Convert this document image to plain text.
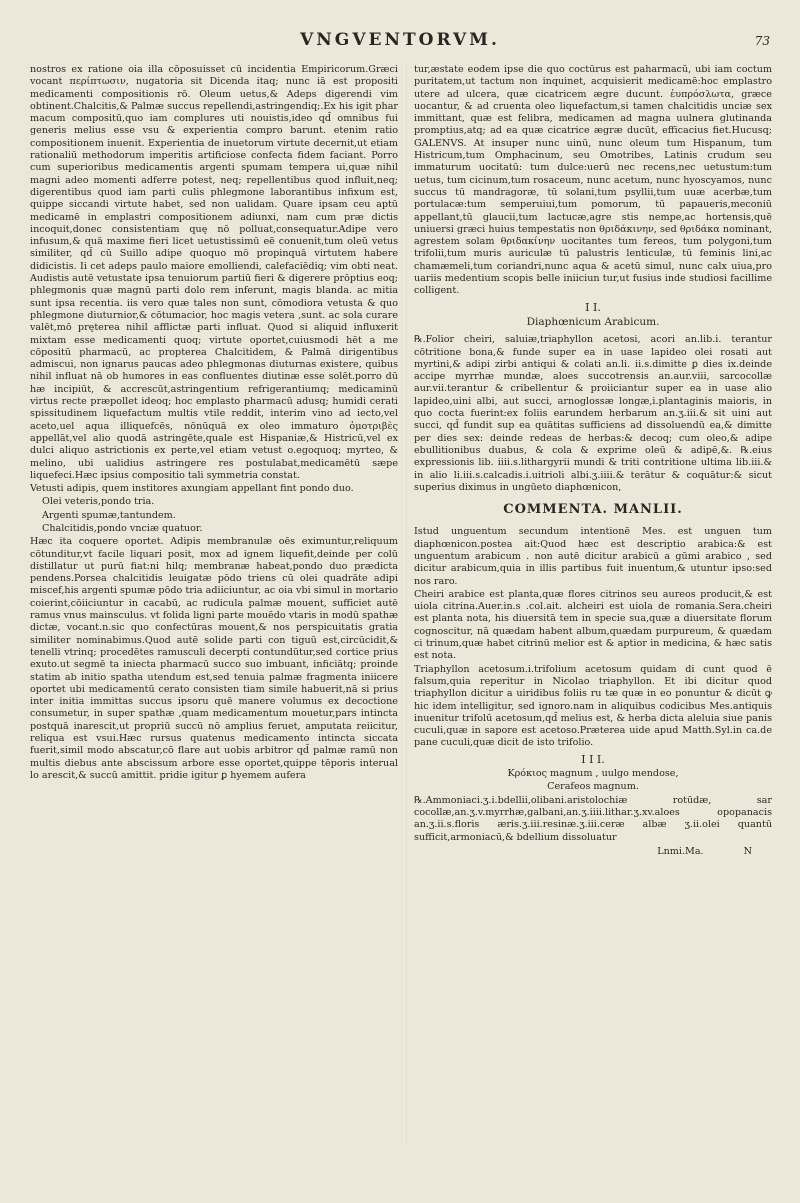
VNGVENTORVM.	73

nostros ex ratione oia illa cōposuisset cū incidentia Empiricorum.Græci vocant περίπτωσιν, nugatoria sit Dicenda itaq; nunc iā est propositi medicamenti compositionis rō. Oleum uetus,& Adeps digerendi vim obtinent.Chalcitis,& Palmæ succus repellendi,astringendiq;.Ex his igit phar macum compositū,quo iam complures uti nouistis,ideo qd̄ omnibus fui generis melius esse vsu & experientia compro barunt. etenim ratio compositionem inuenit. Experientia de inuetorum virtute decernit,ut etiam rationaliū methodorum imperitis artificiose confecta fidem faciant. Porro cum superioribus medicamentis argenti spumam tempera ui,quæ nihil magni adeo momenti adferre potest, neq; repellentibus quod influit,neq; digerentibus quod iam parti culis phlegmone laborantibus infixum est, quippe siccandi virtute habet, sed non ualidam. Quare ipsam ceu aptū medicamē in emplastri compositionem adiunxi, nam cum præ dictis incoquit,donec consistentiam quę nō polluat,consequatur.Adipe vero infusum,& quā maxime fieri licet uetustissimū eē conuenit,tum oleū vetus similiter, qd̄ cū Suillo adipe quoquo mō propinquā virtutem habere didicistis. Ii cet adeps paulo maiore emolliendi, calefaciēdiq; vim obti neat. Audistis autē vetustate ipsa tenuiorum partiū fieri & digerere prōptius eoq; phlegmonis quæ magnū parti dolo rem inferunt, magis blanda. ac mitia sunt ipsa recentia. iis vero quæ tales non sunt, cōmodiora vetusta & quo phlegmone diuturnior,& cōtumacior, hoc magis vetera ,sunt. ac sola curare valēt,mō pręterea nihil afflictæ parti influat. Quod si aliquid influxerit mixtam esse medicamenti quoq; virtute oportet,cuiusmodi hēt a me cōpositū pharmacū, ac propterea Chalcitidem, & Palmā dirigentibus admiscui, non ignarus paucas adeo phlegmonas diuturnas existere, quibus nihil influat nā ob humores in eas confluentes diutinæ esse solēt.porro dū hæ incipiūt, & accrescūt,astringentium refrigerantiumq; medicaminū virtus recte præpollet ideoq; hoc emplasto pharmacū adusq; humidi cerati spissitudinem liquefactum multis vtile reddit, interim vino ad iecto,vel aceto,uel aqua illiquefcēs, nōnūquā ex oleo immaturo ὀμοτριβὲς appellāt,vel alio quodā astringēte,quale est Hispaniæ,& Histricū,vel ex dulci aliquo astrictionis ex perte,vel etiam vetust o.egoquoq; myrteo, & melino, ubi ualidius astringere res postulabat,medicamētū sæpe liquefeci.Hæc ipsius compositio tali symmetria constat.

Vetusti adipis, quem institores axungiam appellant fint pondo duo.

Olei veteris,pondo tria.

Argenti spumæ,tantundem.

Chalcitidis,pondo vnciæ quatuor.

Hæc ita coquere oportet. Adipis membranulæ oēs eximuntur,reliquum cōtunditur,vt facile liquari posit, mox ad ignem liquefit,deinde per colū distillatur ut purū fiat:ni hilq; membranæ habeat,pondo duo prædicta pendens.Porsea chalcitidis leuigatæ pōdo triens cū olei quadrāte adipi miscef,his argenti spumæ pōdo tria adiiciuntur, ac oia vbi simul in mortario coierint,cōiiciuntur in cacabū, ac rudicula palmæ mouent, sufficiet autē ramus vnus mainsculus. vt folida ligni parte mouēdo vtaris in modū spathæ dictæ, vocant.n.sic quo confectūras mouent,& nos perspicuitatis gratia similiter nominabimus.Quod autē solide parti con tiguū est,circūcidit,& tenelli vtrinq; procedētes ramusculi decerpti contundūtur,sed cortice prius exuto.ut segmē ta iniecta pharmacū succo suo imbuant, inficiātq; proinde statim ab initio spatha utendum est,sed tenuia palmæ fragmenta iniicere oportet ubi medicamentū cerato consisten tiam simile habuerit,nā si prius inter initia immittas succus ipsoru quē manere volumus ex decoctione consumetur, in super spathæ ,quam medicamentum mouetur,pars intincta postquā inarescit,ut propriū succū nō amplius feruet, amputata reiicitur, reliqua est vsui.Hæc rursus quatenus medicamento intincta siccata fuerit,simil modo abscatur,cō flare aut uobis arbitror qd̄ palmæ ramū non multis diebus ante abscissum arbore esse oportet,quippe tēporis interual lo arescit,& succū amittit. pridie igitur ꝑ hyemem aufera

tur,æstate eodem ipse die quo coctūrus est paharmacū, ubi iam coctum puritatem,ut tactum non inquinet, acquisierit medicamē:hoc emplastro utere ad ulcera, quæ cicatricem ægre ducunt. ἐυπρόσλωτα, græce uocantur, & ad cruenta oleo liquefactum,si tamen chalcitidis unciæ sex immittant, quæ est felibra, medicamen ad magna uulnera glutinanda promptius,atq; ad ea quæ cicatrice ægræ ducūt, efficacius fiet.Hucusq; GALENVS. At insuper nunc uinū, nunc oleum tum Hispanum, tum Histricum,tum Omphacinum, seu Omotribes, Latinis crudum seu immaturum uocitatū: tum dulce:uerū nec recens,nec uetustum:tum uetus, tum cicinum,tum rosaceum, nunc acetum, nunc hyoscyamos, nunc succus tū mandragoræ, tū solani,tum psyllii,tum uuæ acerbæ,tum portulacæ:tum semperuiui,tum pomorum, tū papaueris,meconiū appellant,tū glaucii,tum lactucæ,agre stis nempe,ac hortensis,quē uniuersi græci huius tempestatis non θριδάκινην, sed θριδάκα nominant, agrestem solam θριδακίνην uocitantes tum fereos, tum polygoni,tum trifolii,tum muris auriculæ tū palustris lenticulæ, tū feminis lini,ac chamæmeli,tum coriandri,nunc aqua & acetū simul, nunc calx uiua,pro uariis medentium scopis belle iniiciun tur,ut fusius inde studiosi facillime colligent.

I I.
Diaphœnicum Arabicum.

℞.Folior cheiri, saluiæ,triaphyllon acetosi, acori an.lib.i. terantur cōtritione bona,& funde super ea in uase lapideo olei rosati aut myrtini,& adipi zirbi antiqui & colati an.li. ii.s.dimitte ꝑ dies ix.deinde accipe myrrhæ mundæ, aloes succotrensis an.aur.viii, sarcocollæ aur.vii.terantur & cribellentur & proiiciantur super ea in uase alio lapideo,uini albi, aut succi, arnoglossæ longæ,i.plantaginis maioris, in quo cocta fuerint:ex foliis earundem herbarum an.ʒ.iii.& sit uini aut succi, qd̄ fundit sup ea quātitas sufficiens ad dissoluendū ea,& dimitte per dies sex: deinde redeas de herbas:& decoq; cum oleo,& adipe ebullitionibus duabus, & cola & exprime oleū & adipē,&. ℞.eius expressionis lib. iiii.s.lithargyrii mundi & triti contritione ultima lib.iii.& in alio li.iii.s.calcadis.i.uitrioli albi.ʒ.iiii.& terātur & coquātur:& sicut superius diximus in ungūeto diaphœnicon,

COMMENTA. MANLII.

Istud unguentum secundum intentionē Mes. est unguen tum diaphœnicon.postea ait:Quod hæc est descriptio arabica:& est unguentum arabicum . non autē dicitur arabicū a gūmi arabico , sed dicitur arabicum,quia in illis partibus fuit inuentum,& utuntur ipso:sed nos raro.

Cheiri arabice est planta,quæ flores citrinos seu aureos producit,& est uiola citrina.Auer.in.s .col.ait. alcheiri est uiola de romania.Sera.cheiri est planta nota, his diuersitā tem in specie sua,quæ a diuersitate florum cognoscitur, nā quædam habent album,quædam purpureum, & quædam ci trinum,quæ habet citrinū melior est & aptior in medicina, & hæc satis est nota.

Triaphyllon acetosum.i.trifolium acetosum quidam di cunt quod ē falsum,quia reperitur in Nicolao triaphyllon. Et ibi dicitur quod triaphyllon dicitur a uiridibus foliis ru tæ quæ in eo ponuntur & dicūt ꝙ hic idem intelligitur, sed ignoro.nam in aliquibus codicibus Mes.antiquis inuenitur trifolū acetosum,qd̄ melius est, & herba dicta aleluia siue panis cuculi,quæ in sapore est acetoso.Præterea uide apud Matth.Syl.in ca.de pane cuculi,quæ dicit de isto trifolio.

I I I.

Κρόκιος magnum , uulgo mendose,

Cerafeos magnum.

℞.Ammoniaci.ʒ.i.bdellii,olibani.aristolochiæ rotūdæ, sar cocollæ,an.ʒ.v.myrrhæ,galbani,an.ʒ.iiii.lithar.ʒ.xv.aloes opopanacis an.ʒ.ii.s.floris æris.ʒ.iii.resinæ.ʒ.iii.ceræ albæ ʒ.ii.olei quantū sufficit,armoniacū,& bdellium dissoluatur

Lnmi.Ma.	N
